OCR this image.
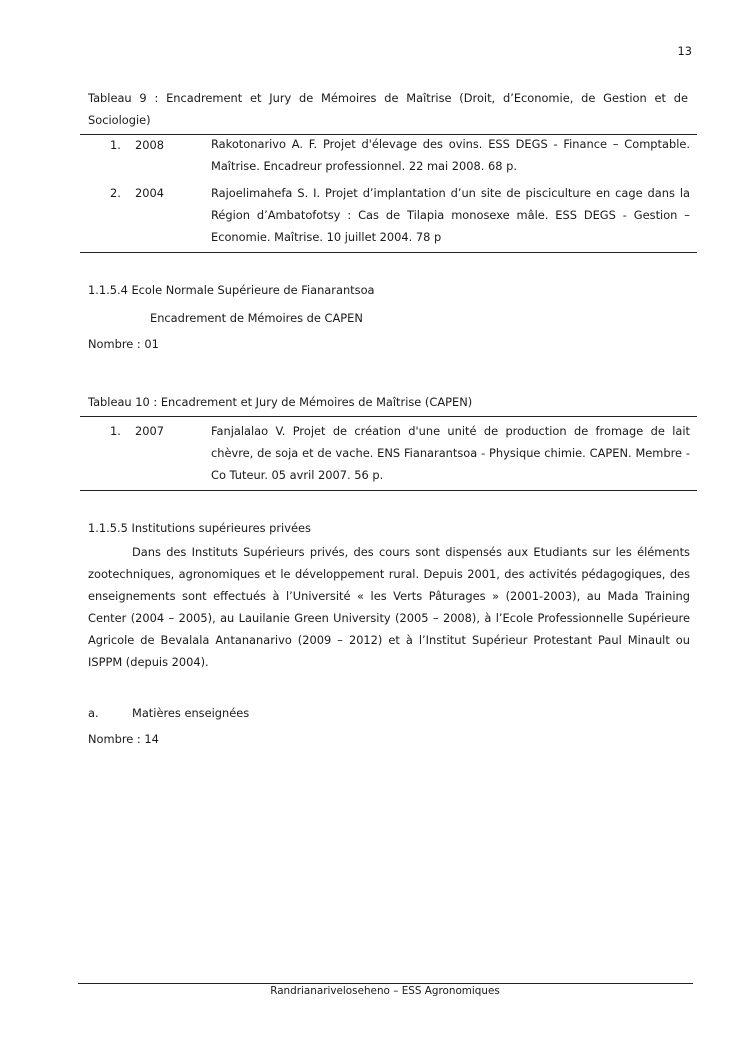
13
Tableau 9 : Encadrement et Jury de Mémoires de Maîtrise (Droit, d’Economie, de Gestion et de Sociologie)
1. 2008	Rakotonarivo A. F. Projet d'élevage des ovins. ESS DEGS - Finance – Comptable. Maîtrise. Encadreur professionnel. 22 mai 2008. 68 p.
2. 2004	Rajoelimahefa S. I. Projet d’implantation d’un site de pisciculture en cage dans la Région d’Ambatofotsy : Cas de Tilapia monosexe mâle. ESS DEGS - Gestion – Economie. Maîtrise. 10 juillet 2004. 78 p
1.1.5.4 Ecole Normale Supérieure de Fianarantsoa
Encadrement de Mémoires de CAPEN
Nombre : 01
Tableau 10 : Encadrement et Jury de Mémoires de Maîtrise (CAPEN)
1. 2007	Fanjalalao V. Projet de création d'une unité de production de fromage de lait chèvre, de soja et de vache. ENS Fianarantsoa - Physique chimie. CAPEN. Membre - Co Tuteur. 05 avril 2007. 56 p.
1.1.5.5 Institutions supérieures privées
Dans des Instituts Supérieurs privés, des cours sont dispensés aux Etudiants sur les éléments zootechniques, agronomiques et le développement rural. Depuis 2001, des activités pédagogiques, des enseignements sont effectués à l’Université « les Verts Pâturages » (2001-2003), au Mada Training Center (2004 – 2005), au Lauilanie Green University (2005 – 2008), à l’Ecole Professionnelle Supérieure Agricole de Bevalala Antananarivo (2009 – 2012) et à l’Institut Supérieur Protestant Paul Minault ou ISPPM (depuis 2004).
a.	Matières enseignées
Nombre : 14
Randrianariveloseheno – ESS Agronomiques
